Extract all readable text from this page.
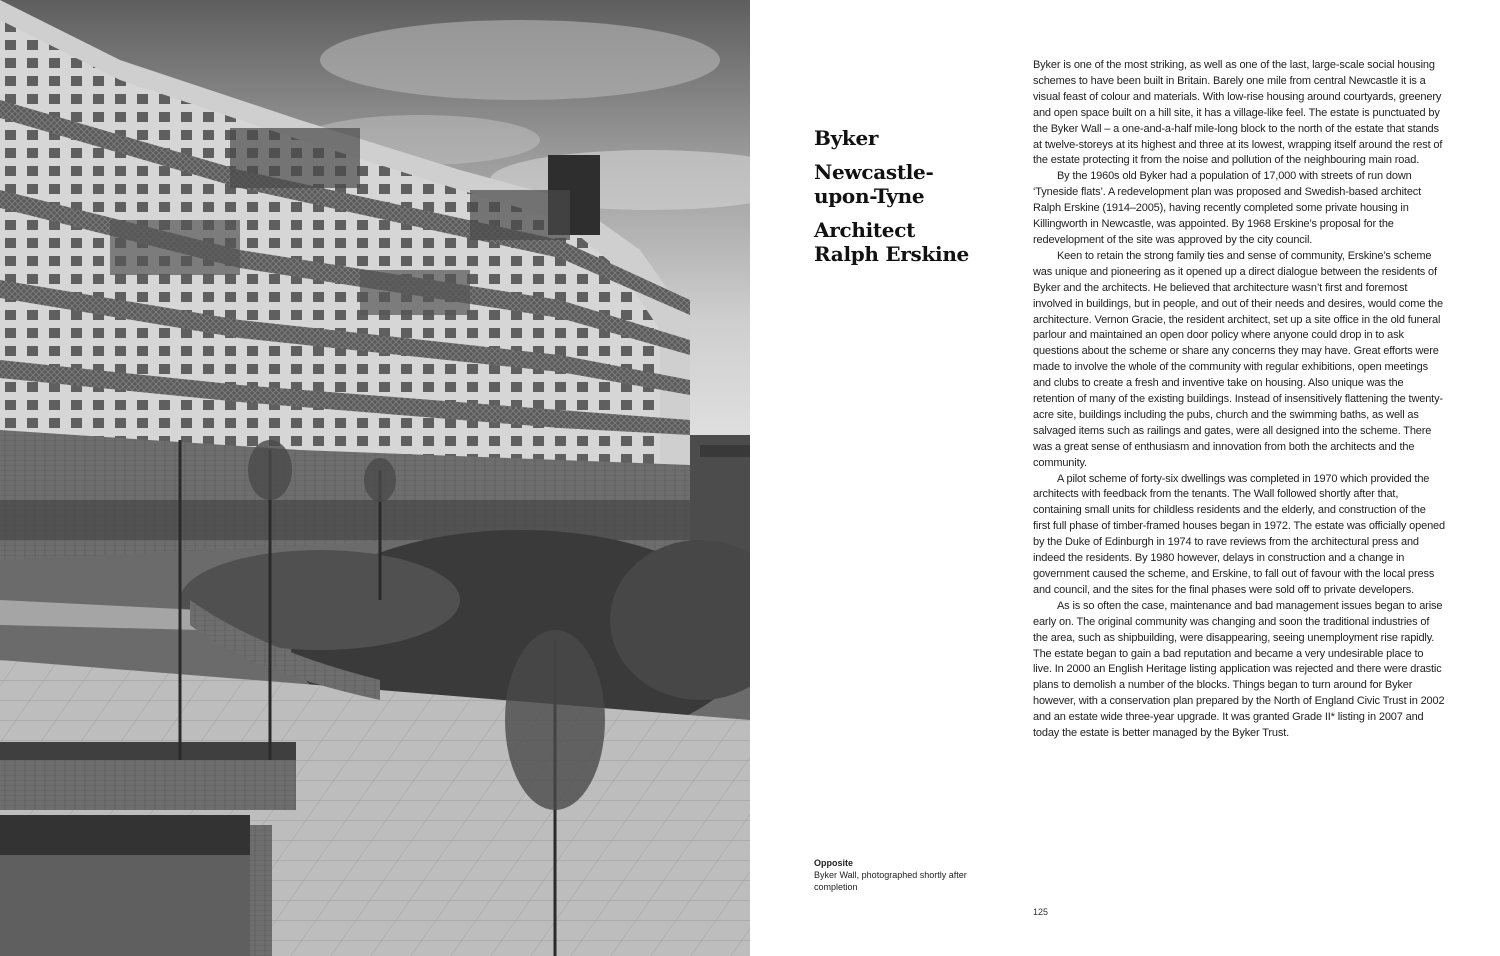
Byker
Newcastle-
upon-Tyne
Architect
Ralph Erskine
Opposite
Byker Wall, photographed shortly after completion

Byker is one of the most striking, as well as one of the last, large-scale social housing schemes to have been built in Britain. Barely one mile from central Newcastle it is a visual feast of colour and materials. With low-rise housing around courtyards, greenery and open space built on a hill site, it has a village-like feel. The estate is punctuated by the Byker Wall – a one-and-a-half mile-long block to the north of the estate that stands at twelve-storeys at its highest and three at its lowest, wrapping itself around the rest of the estate protecting it from the noise and pollution of the neighbouring main road.

By the 1960s old Byker had a population of 17,000 with streets of run down ‘Tyneside flats’. A redevelopment plan was proposed and Swedish-based architect Ralph Erskine (1914–2005), having recently completed some private housing in Killingworth in Newcastle, was appointed. By 1968 Erskine’s proposal for the redevelopment of the site was approved by the city council.

Keen to retain the strong family ties and sense of community, Erskine’s scheme was unique and pioneering as it opened up a direct dialogue between the residents of Byker and the architects. He believed that architecture wasn’t first and foremost involved in buildings, but in people, and out of their needs and desires, would come the architecture. Vernon Gracie, the resident architect, set up a site office in the old funeral parlour and maintained an open door policy where anyone could drop in to ask questions about the scheme or share any concerns they may have. Great efforts were made to involve the whole of the community with regular exhibitions, open meetings and clubs to create a fresh and inventive take on housing. Also unique was the retention of many of the existing buildings. Instead of insensitively flattening the twenty-acre site, buildings including the pubs, church and the swimming baths, as well as salvaged items such as railings and gates, were all designed into the scheme. There was a great sense of enthusiasm and innovation from both the architects and the community.

A pilot scheme of forty-six dwellings was completed in 1970 which provided the architects with feedback from the tenants. The Wall followed shortly after that, containing small units for childless residents and the elderly, and construction of the first full phase of timber-framed houses began in 1972. The estate was officially opened by the Duke of Edinburgh in 1974 to rave reviews from the architectural press and indeed the residents. By 1980 however, delays in construction and a change in government caused the scheme, and Erskine, to fall out of favour with the local press and council, and the sites for the final phases were sold off to private developers.

As is so often the case, maintenance and bad management issues began to arise early on. The original community was changing and soon the traditional industries of the area, such as shipbuilding, were disappearing, seeing unemployment rise rapidly. The estate began to gain a bad reputation and became a very undesirable place to live. In 2000 an English Heritage listing application was rejected and there were drastic plans to demolish a number of the blocks. Things began to turn around for Byker however, with a conservation plan prepared by the North of England Civic Trust in 2002 and an estate wide three-year upgrade. It was granted Grade II* listing in 2007 and today the estate is better managed by the Byker Trust.

125
